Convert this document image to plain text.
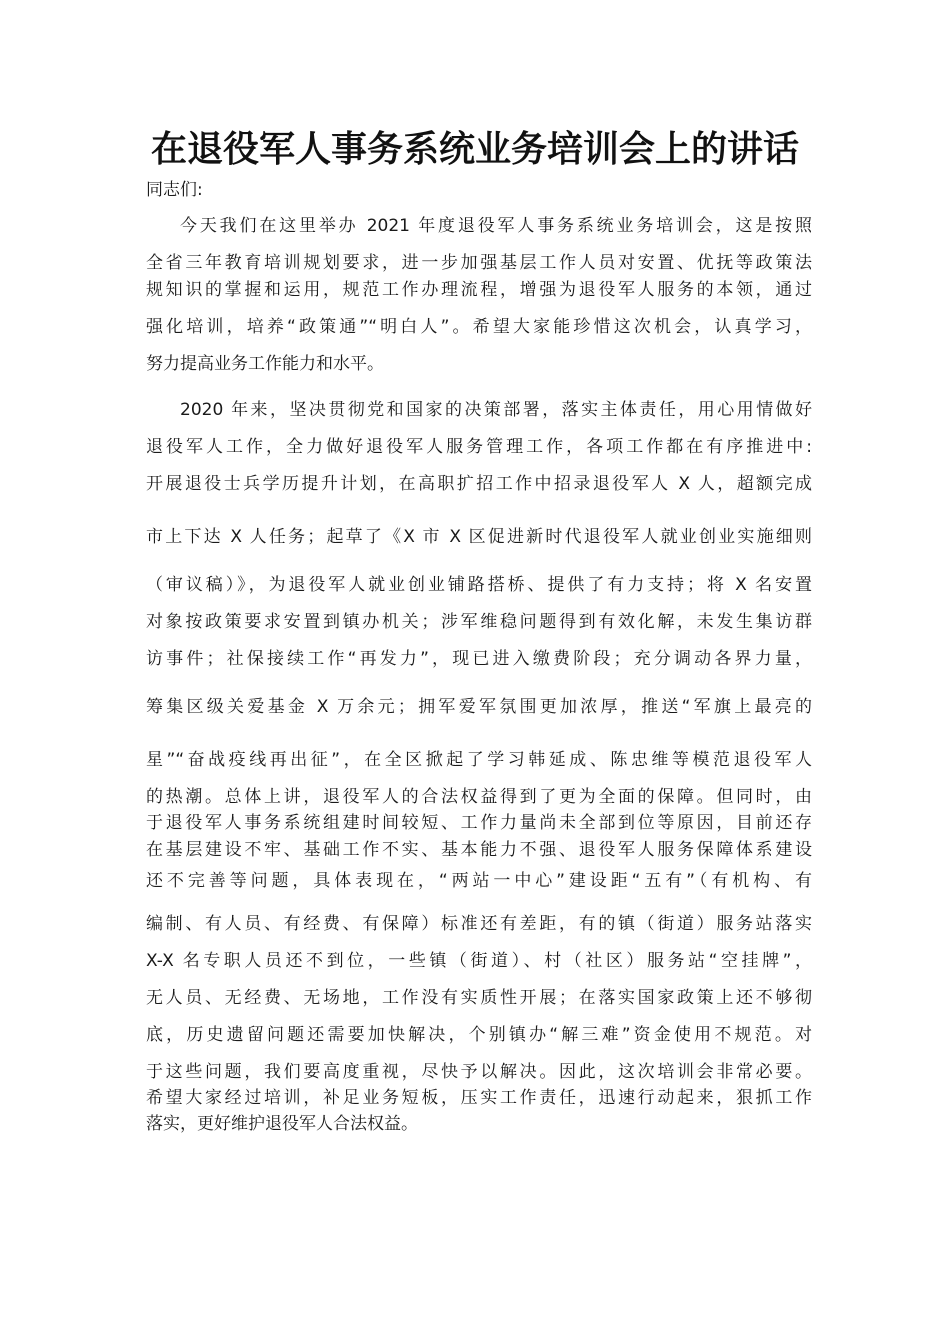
在退役军人事务系统业务培训会上的讲话

同志们:

今天我们在这里举办 2021 年度退役军人事务系统业务培训会，这是按照

全省三年教育培训规划要求，进一步加强基层工作人员对安置、优抚等政策法

规知识的掌握和运用，规范工作办理流程，增强为退役军人服务的本领，通过

强化培训，培养“政策通”“明白人”。希望大家能珍惜这次机会，认真学习，

努力提高业务工作能力和水平。

2020 年来，坚决贯彻党和国家的决策部署，落实主体责任，用心用情做好

退役军人工作，全力做好退役军人服务管理工作，各项工作都在有序推进中:

开展退役士兵学历提升计划，在高职扩招工作中招录退役军人 X 人，超额完成

市上下达 X 人任务；起草了《X 市 X 区促进新时代退役军人就业创业实施细则

（审议稿）》，为退役军人就业创业铺路搭桥、提供了有力支持；将 X 名安置

对象按政策要求安置到镇办机关；涉军维稳问题得到有效化解，未发生集访群

访事件；社保接续工作“再发力”，现已进入缴费阶段；充分调动各界力量，

筹集区级关爱基金 X 万余元；拥军爱军氛围更加浓厚，推送“军旗上最亮的

星”“奋战疫线再出征”，在全区掀起了学习韩延成、陈忠维等模范退役军人

的热潮。总体上讲，退役军人的合法权益得到了更为全面的保障。但同时，由

于退役军人事务系统组建时间较短、工作力量尚未全部到位等原因，目前还存

在基层建设不牢、基础工作不实、基本能力不强、退役军人服务保障体系建设

还不完善等问题，具体表现在，“两站一中心”建设距“五有”（有机构、有

编制、有人员、有经费、有保障）标准还有差距，有的镇（街道）服务站落实

X-X 名专职人员还不到位，一些镇（街道）、村（社区）服务站“空挂牌”，

无人员、无经费、无场地，工作没有实质性开展；在落实国家政策上还不够彻

底，历史遗留问题还需要加快解决，个别镇办“解三难”资金使用不规范。对

于这些问题，我们要高度重视，尽快予以解决。因此，这次培训会非常必要。

希望大家经过培训，补足业务短板，压实工作责任，迅速行动起来，狠抓工作

落实，更好维护退役军人合法权益。
